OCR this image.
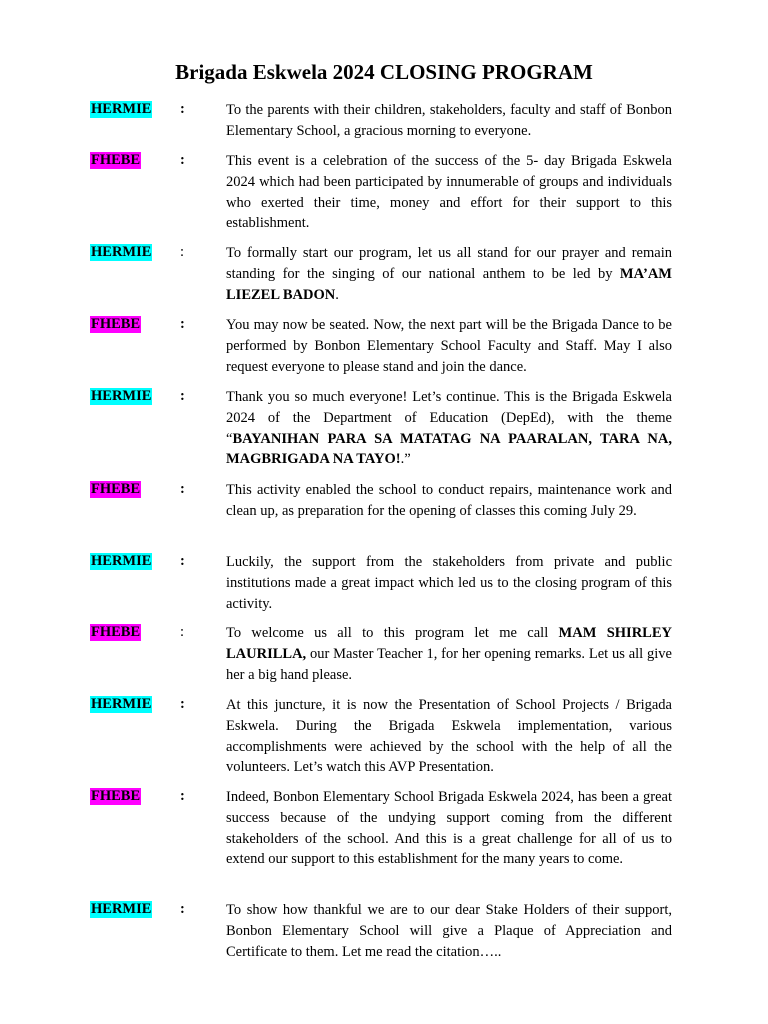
Brigada Eskwela 2024 CLOSING PROGRAM
HERMIE :	To the parents with their children, stakeholders, faculty and staff of Bonbon Elementary School, a gracious morning to everyone.
FHEBE	:	This event is a celebration of the success of the 5- day Brigada Eskwela 2024 which had been participated by innumerable of groups and individuals who exerted their time, money and effort for their support to this establishment.
HERMIE :	To formally start our program, let us all stand for our prayer and remain standing for the singing of our national anthem to be led by MA’AM LIEZEL BADON.
FHEBE	:	You may now be seated. Now, the next part will be the Brigada Dance to be performed by Bonbon Elementary School Faculty and Staff. May I also request everyone to please stand and join the dance.
HERMIE :	Thank you so much everyone! Let’s continue. This is the Brigada Eskwela 2024 of the Department of Education (DepEd), with the theme “BAYANIHAN PARA SA MATATAG NA PAARALAN, TARA NA, MAGBRIGADA NA TAYO!.”
FHEBE	:	This activity enabled the school to conduct repairs, maintenance work and clean up, as preparation for the opening of classes this coming July 29.
HERMIE :	Luckily, the support from the stakeholders from private and public institutions made a great impact which led us to the closing program of this activity.
FHEBE	:	To welcome us all to this program let me call MAM SHIRLEY LAURILLA, our Master Teacher 1, for her opening remarks. Let us all give her a big hand please.
HERMIE :	At this juncture, it is now the Presentation of School Projects / Brigada Eskwela. During the Brigada Eskwela implementation, various accomplishments were achieved by the school with the help of all the volunteers. Let’s watch this AVP Presentation.
FHEBE	:	Indeed, Bonbon Elementary School Brigada Eskwela 2024, has been a great success because of the undying support coming from the different stakeholders of the school. And this is a great challenge for all of us to extend our support to this establishment for the many years to come.
HERMIE :	To show how thankful we are to our dear Stake Holders of their support, Bonbon Elementary School will give a Plaque of Appreciation and Certificate to them. Let me read the citation…..
